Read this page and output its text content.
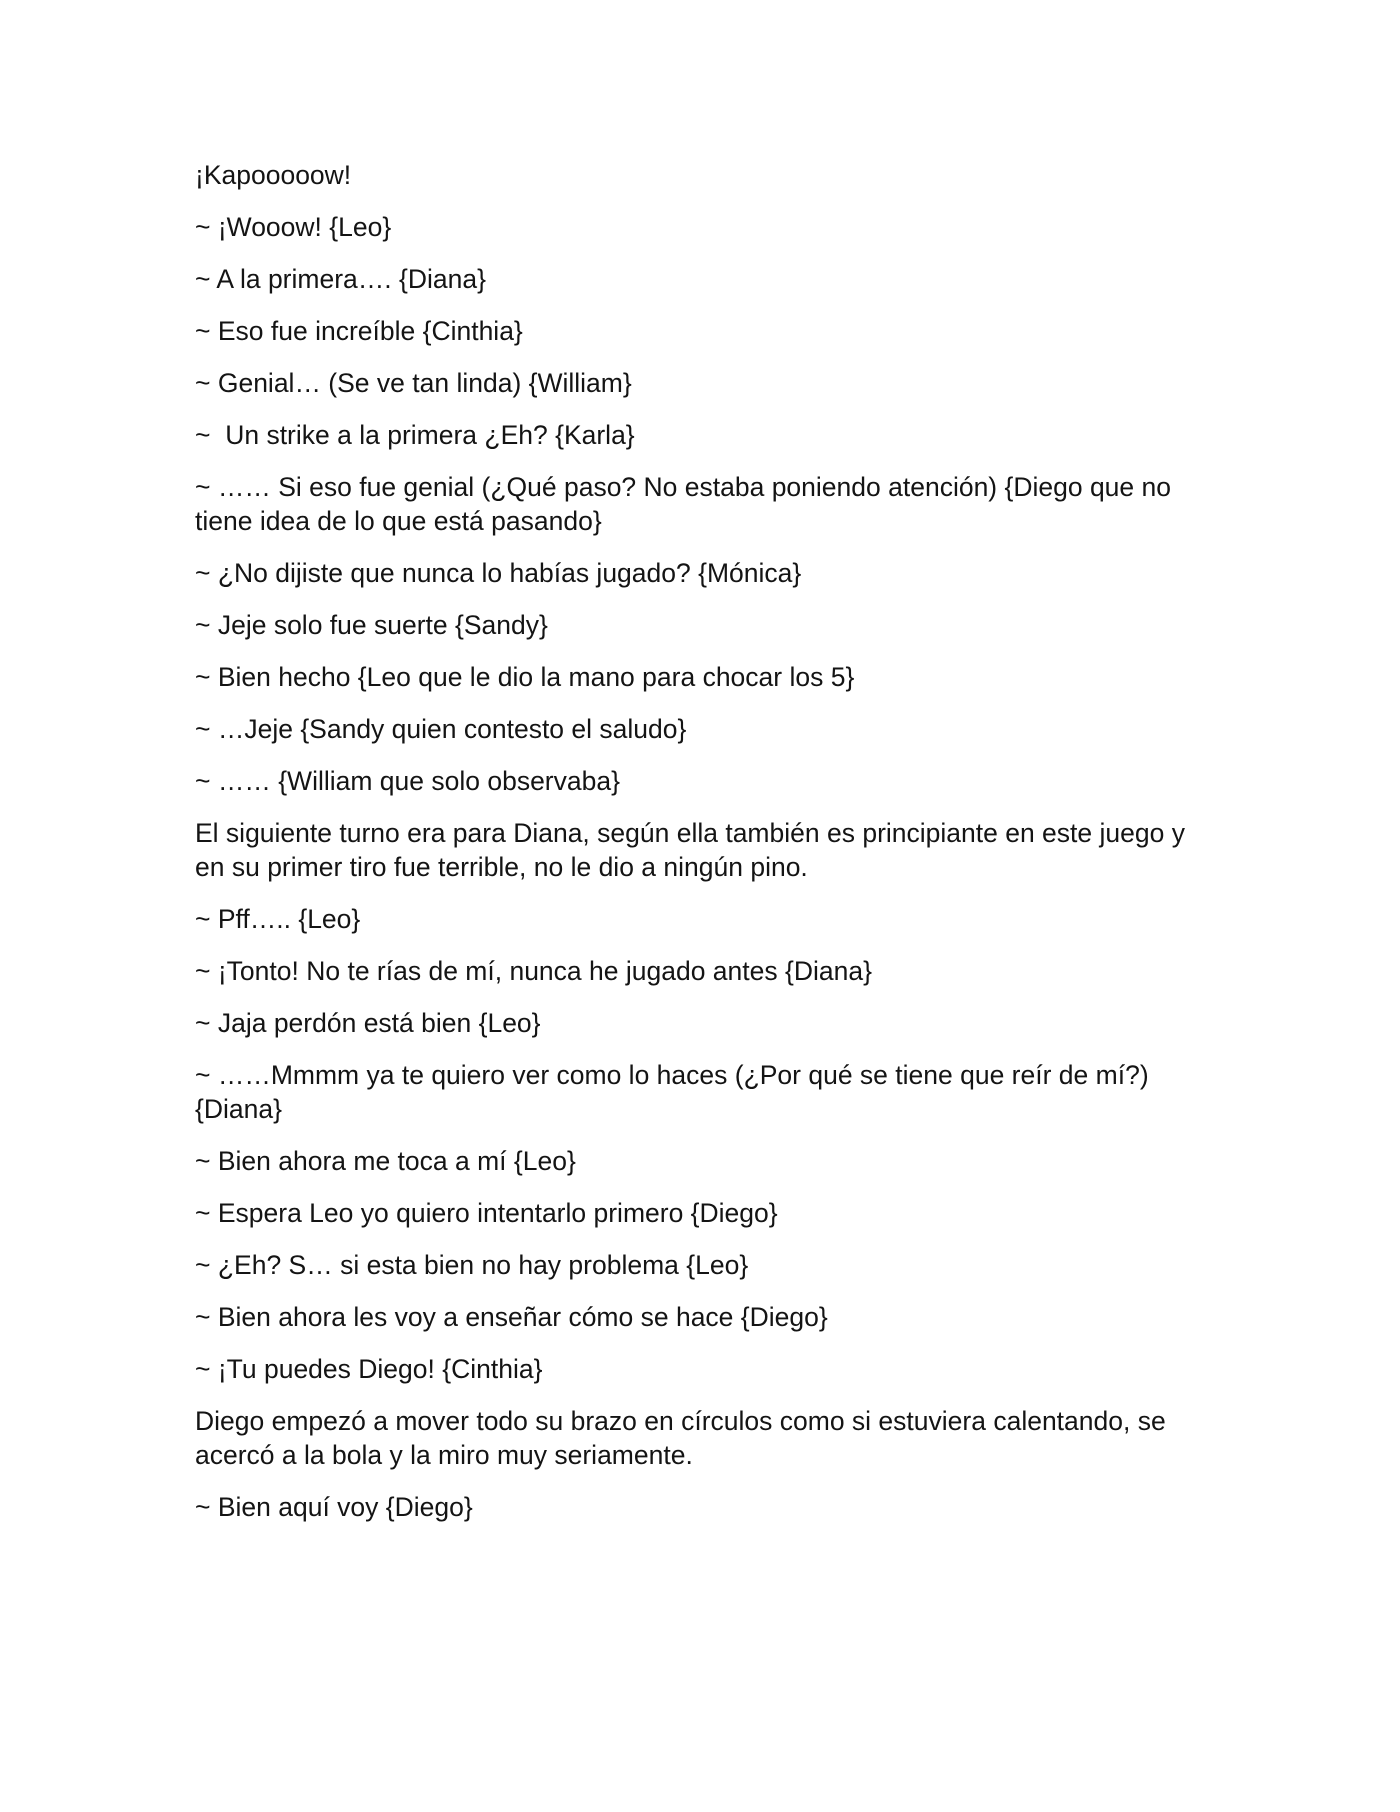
¡Kapooooow!

~ ¡Wooow! {Leo}

~ A la primera…. {Diana}

~ Eso fue increíble {Cinthia}

~ Genial… (Se ve tan linda) {William}

~  Un strike a la primera ¿Eh? {Karla}

~ …… Si eso fue genial (¿Qué paso? No estaba poniendo atención) {Diego que no tiene idea de lo que está pasando}

~ ¿No dijiste que nunca lo habías jugado? {Mónica}

~ Jeje solo fue suerte {Sandy}

~ Bien hecho {Leo que le dio la mano para chocar los 5}

~ …Jeje {Sandy quien contesto el saludo}

~ …… {William que solo observaba}

El siguiente turno era para Diana, según ella también es principiante en este juego y en su primer tiro fue terrible, no le dio a ningún pino.

~ Pff….. {Leo}

~ ¡Tonto! No te rías de mí, nunca he jugado antes {Diana}

~ Jaja perdón está bien {Leo}

~ ……Mmmm ya te quiero ver como lo haces (¿Por qué se tiene que reír de mí?) {Diana}

~ Bien ahora me toca a mí {Leo}

~ Espera Leo yo quiero intentarlo primero {Diego}

~ ¿Eh? S… si esta bien no hay problema {Leo}

~ Bien ahora les voy a enseñar cómo se hace {Diego}

~ ¡Tu puedes Diego! {Cinthia}

Diego empezó a mover todo su brazo en círculos como si estuviera calentando, se acercó a la bola y la miro muy seriamente.

~ Bien aquí voy {Diego}
